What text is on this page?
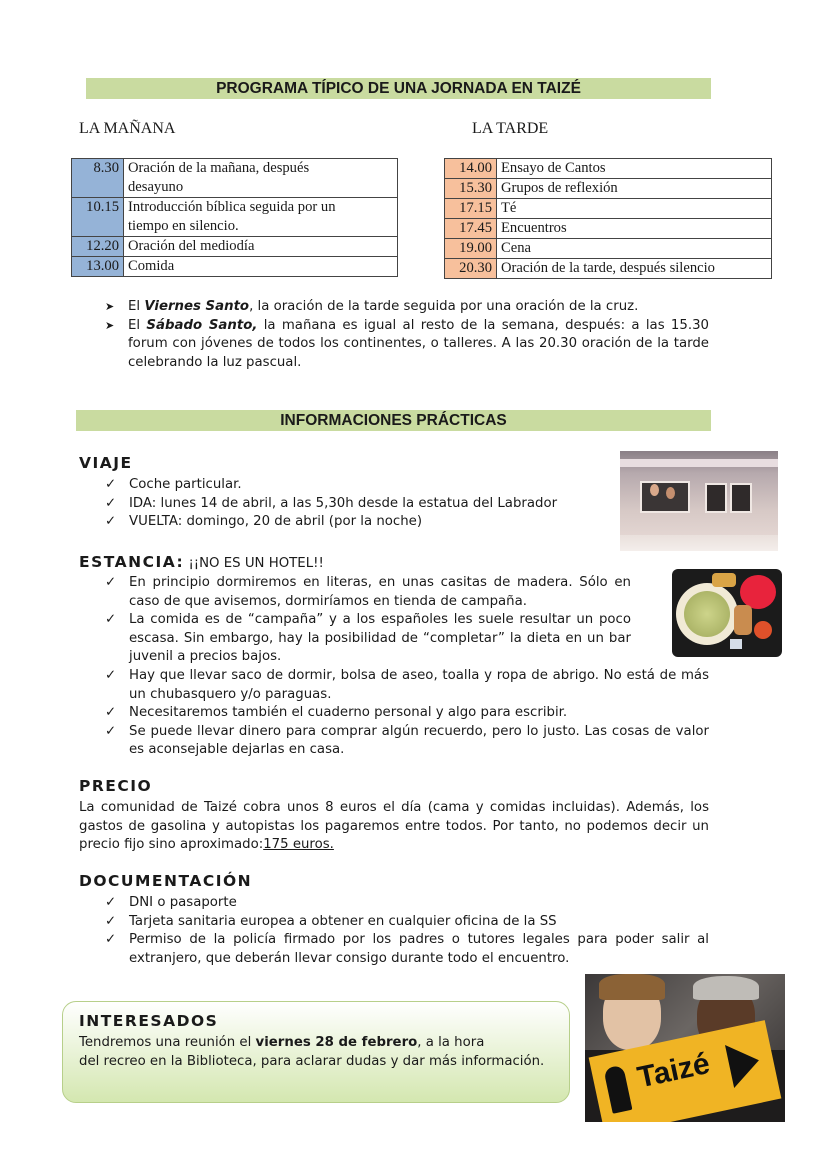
PROGRAMA TÍPICO DE UNA JORNADA EN TAIZÉ
LA MAÑANA	LA TARDE
8.30	Oración de la mañana, después
desayuno
10.15	Introducción bíblica seguida por un
tiempo en silencio.
12.20	Oración del mediodía
13.00	Comida
14.00	Ensayo de Cantos
15.30	Grupos de reflexión
17.15	Té
17.45	Encuentros
19.00	Cena
20.30	Oración de la tarde, después silencio
➤ El Viernes Santo, la oración de la tarde seguida por una oración de la cruz.
➤ El Sábado Santo, la mañana es igual al resto de la semana, después: a las 15.30 forum con jóvenes de todos los continentes, o talleres. A las 20.30 oración de la tarde celebrando la luz pascual.
INFORMACIONES PRÁCTICAS
VIAJE
✓ Coche particular.
✓ IDA: lunes 14 de abril, a las 5,30h desde la estatua del Labrador
✓ VUELTA: domingo, 20 de abril (por la noche)
ESTANCIA: ¡¡NO ES UN HOTEL!!
✓ En principio dormiremos en literas, en unas casitas de madera. Sólo en caso de que avisemos, dormiríamos en tienda de campaña.
✓ La comida es de “campaña” y a los españoles les suele resultar un poco escasa. Sin embargo, hay la posibilidad de “completar” la dieta en un bar juvenil a precios bajos.
✓ Hay que llevar saco de dormir, bolsa de aseo, toalla y ropa de abrigo. No está de más un chubasquero y/o paraguas.
✓ Necesitaremos también el cuaderno personal y algo para escribir.
✓ Se puede llevar dinero para comprar algún recuerdo, pero lo justo. Las cosas de valor es aconsejable dejarlas en casa.
PRECIO
La comunidad de Taizé cobra unos 8 euros el día (cama y comidas incluidas). Además, los gastos de gasolina y autopistas los pagaremos entre todos. Por tanto, no podemos decir un precio fijo sino aproximado:175 euros.
DOCUMENTACIÓN
✓ DNI o pasaporte
✓ Tarjeta sanitaria europea a obtener en cualquier oficina de la SS
✓ Permiso de la policía firmado por los padres o tutores legales para poder salir al extranjero, que deberán llevar consigo durante todo el encuentro.
INTERESADOS
Tendremos una reunión el viernes 28 de febrero, a la hora
del recreo en la Biblioteca, para aclarar dudas y dar más información.	Taizé
